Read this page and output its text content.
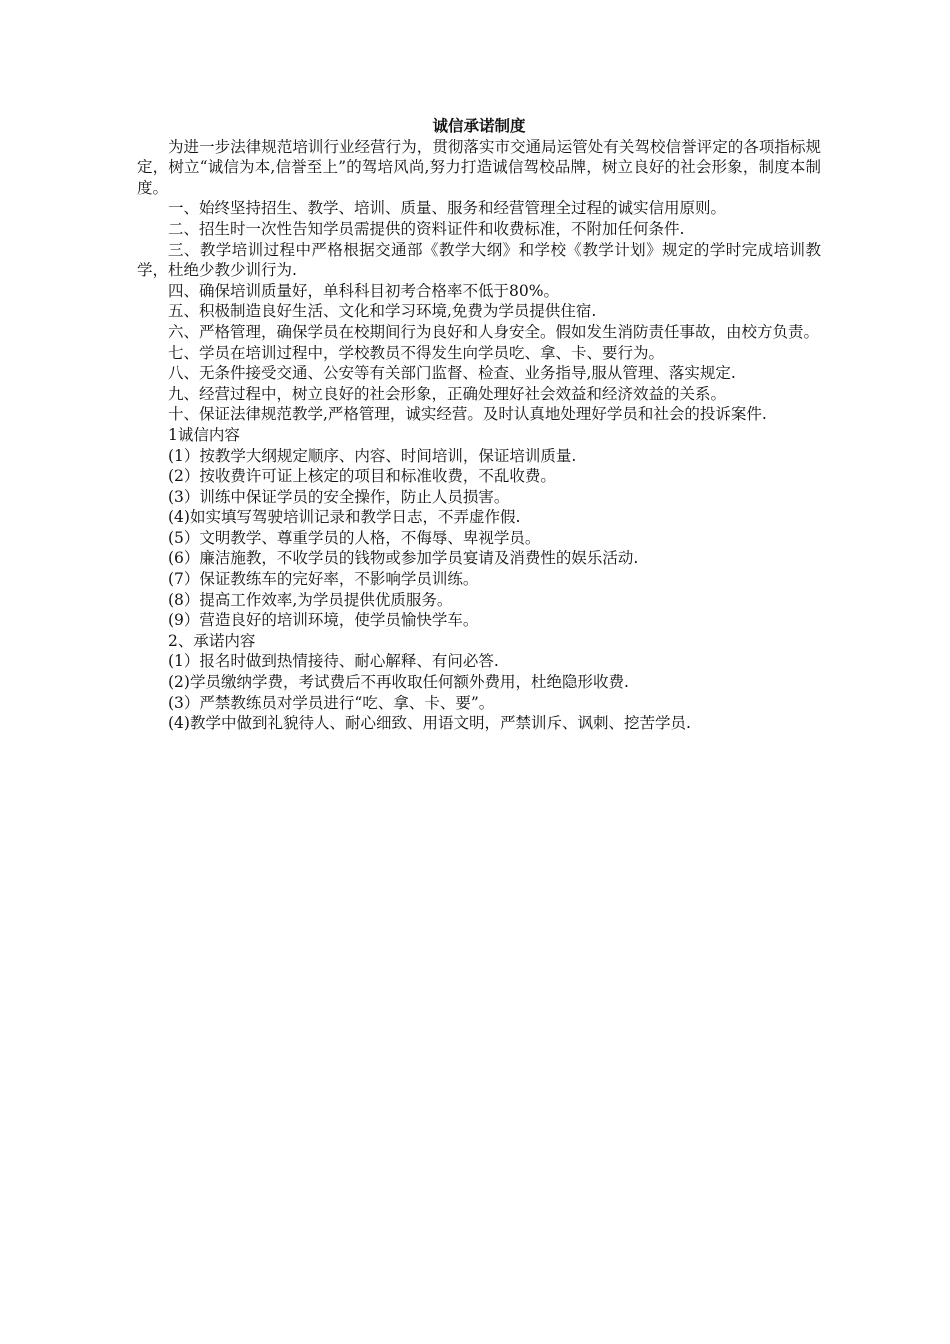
诚信承诺制度

为进一步法律规范培训行业经营行为，贯彻落实市交通局运管处有关驾校信誉评定的各项指标规定，树立“诚信为本,信誉至上”的驾培风尚,努力打造诚信驾校品牌，树立良好的社会形象，制度本制度。

一、始终坚持招生、教学、培训、质量、服务和经营管理全过程的诚实信用原则。

二、招生时一次性告知学员需提供的资料证件和收费标准，不附加任何条件.

三、教学培训过程中严格根据交通部《教学大纲》和学校《教学计划》规定的学时完成培训教学，杜绝少教少训行为.

四、确保培训质量好，单科科目初考合格率不低于80%。

五、积极制造良好生活、文化和学习环境,免费为学员提供住宿.

六、严格管理，确保学员在校期间行为良好和人身安全。假如发生消防责任事故，由校方负责。

七、学员在培训过程中，学校教员不得发生向学员吃、拿、卡、要行为。

八、无条件接受交通、公安等有关部门监督、检查、业务指导,服从管理、落实规定.

九、经营过程中，树立良好的社会形象，正确处理好社会效益和经济效益的关系。

十、保证法律规范教学,严格管理，诚实经营。及时认真地处理好学员和社会的投诉案件.

1诚信内容

(1）按教学大纲规定顺序、内容、时间培训，保证培训质量.

(2）按收费许可证上核定的项目和标准收费，不乱收费。

(3）训练中保证学员的安全操作，防止人员损害。

(4)如实填写驾驶培训记录和教学日志，不弄虚作假.

(5）文明教学、尊重学员的人格，不侮辱、卑视学员。

(6）廉洁施教，不收学员的钱物或参加学员宴请及消费性的娱乐活动.

(7）保证教练车的完好率，不影响学员训练。

(8）提高工作效率,为学员提供优质服务。

(9）营造良好的培训环境，使学员愉快学车。

2、承诺内容

(1）报名时做到热情接待、耐心解释、有问必答.

(2)学员缴纳学费，考试费后不再收取任何额外费用，杜绝隐形收费.

(3）严禁教练员对学员进行“吃、拿、卡、要”。

(4)教学中做到礼貌待人、耐心细致、用语文明，严禁训斥、讽刺、挖苦学员.
